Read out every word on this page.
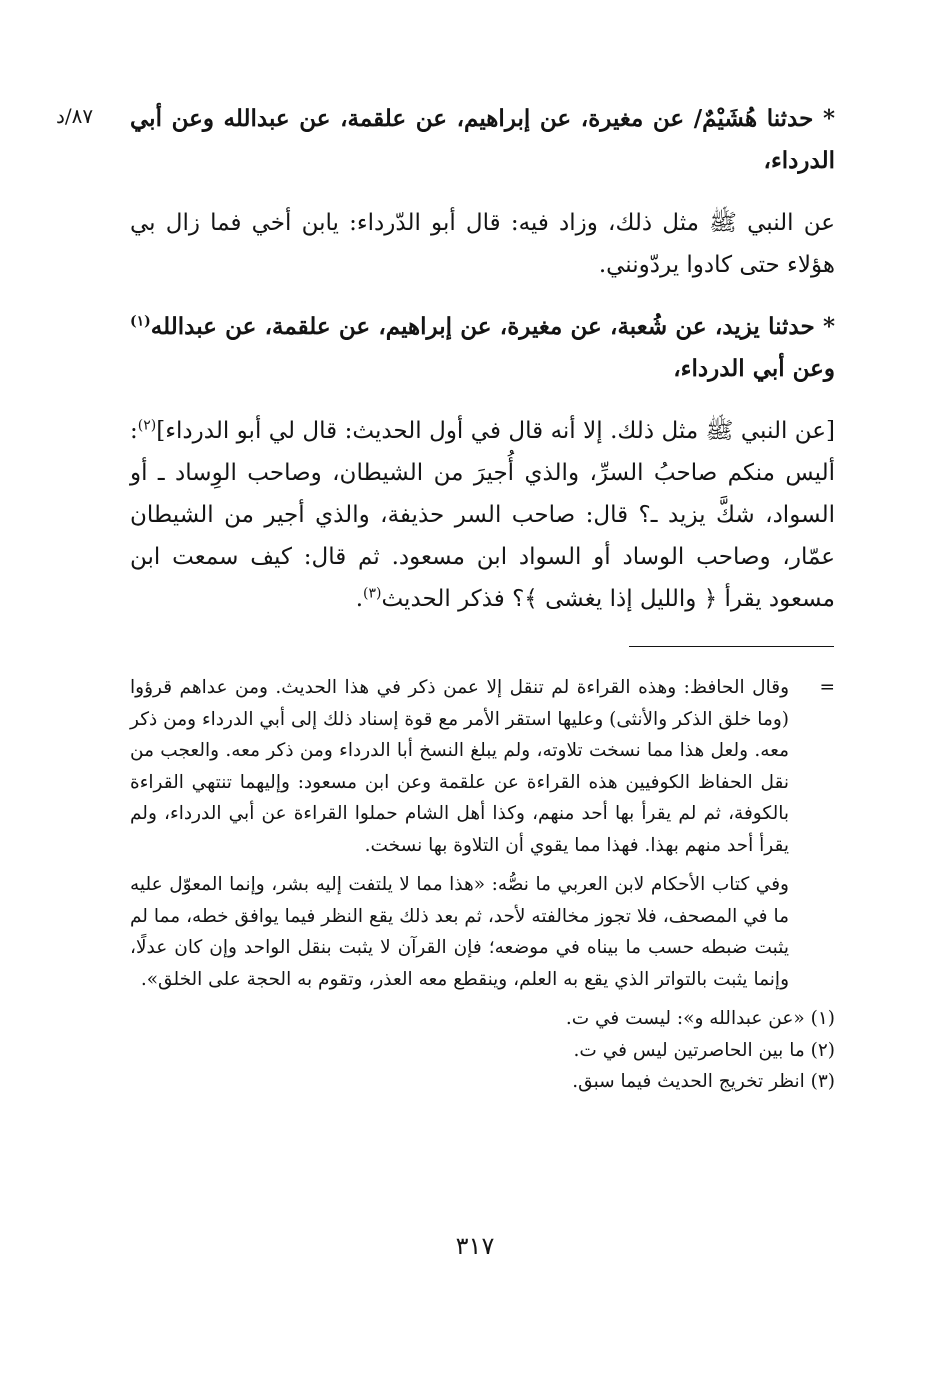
٨٧/د * حدثنا هُشَيْمٌ/ عن مغيرة، عن إبراهيم، عن علقمة، عن عبدالله وعن أبي الدرداء،

عن النبي ﷺ مثل ذلك، وزاد فيه: قال أبو الدّرداء: يابن أخي فما زال بي هؤلاء حتى كادوا يردّونني.

* حدثنا يزيد، عن شُعبة، عن مغيرة، عن إبراهيم، عن علقمة، عن عبدالله$^{(١)}$ وعن أبي الدرداء،

[عن النبي ﷺ مثل ذلك. إلا أنه قال في أول الحديث: قال لي أبو الدرداء]$^{(٢)}$: أليس منكم صاحبُ السرِّ، والذي أُجيرَ من الشيطان، وصاحب الوِساد ـ أو السواد، شكَّ يزيد ـ؟ قال: صاحب السر حذيفة، والذي أجير من الشيطان عمّار، وصاحب الوساد أو السواد ابن مسعود. ثم قال: كيف سمعت ابن مسعود يقرأ ﴿ والليل إذا يغشى ﴾؟ فذكر الحديث$^{(٣)}$.

=
وقال الحافظ: وهذه القراءة لم تنقل إلا عمن ذكر في هذا الحديث. ومن عداهم قرؤوا (وما خلق الذكر والأنثى) وعليها استقر الأمر مع قوة إسناد ذلك إلى أبي الدرداء ومن ذكر معه. ولعل هذا مما نسخت تلاوته، ولم يبلغ النسخ أبا الدرداء ومن ذكر معه. والعجب من نقل الحفاظ الكوفيين هذه القراءة عن علقمة وعن ابن مسعود: وإليهما تنتهي القراءة بالكوفة، ثم لم يقرأ بها أحد منهم، وكذا أهل الشام حملوا القراءة عن أبي الدرداء، ولم يقرأ أحد منهم بهذا. فهذا مما يقوي أن التلاوة بها نسخت.

وفي كتاب الأحكام لابن العربي ما نصُّه: «هذا مما لا يلتفت إليه بشر، وإنما المعوّل عليه ما في المصحف، فلا تجوز مخالفته لأحد، ثم بعد ذلك يقع النظر فيما يوافق خطه، مما لم يثبت ضبطه حسب ما بيناه في موضعه؛ فإن القرآن لا يثبت بنقل الواحد وإن كان عدلًا، وإنما يثبت بالتواتر الذي يقع به العلم، وينقطع معه العذر، وتقوم به الحجة على الخلق».

(١) «عن عبدالله و»: ليست في ت.

(٢) ما بين الحاصرتين ليس في ت.

(٣) انظر تخريج الحديث فيما سبق.

٣١٧
